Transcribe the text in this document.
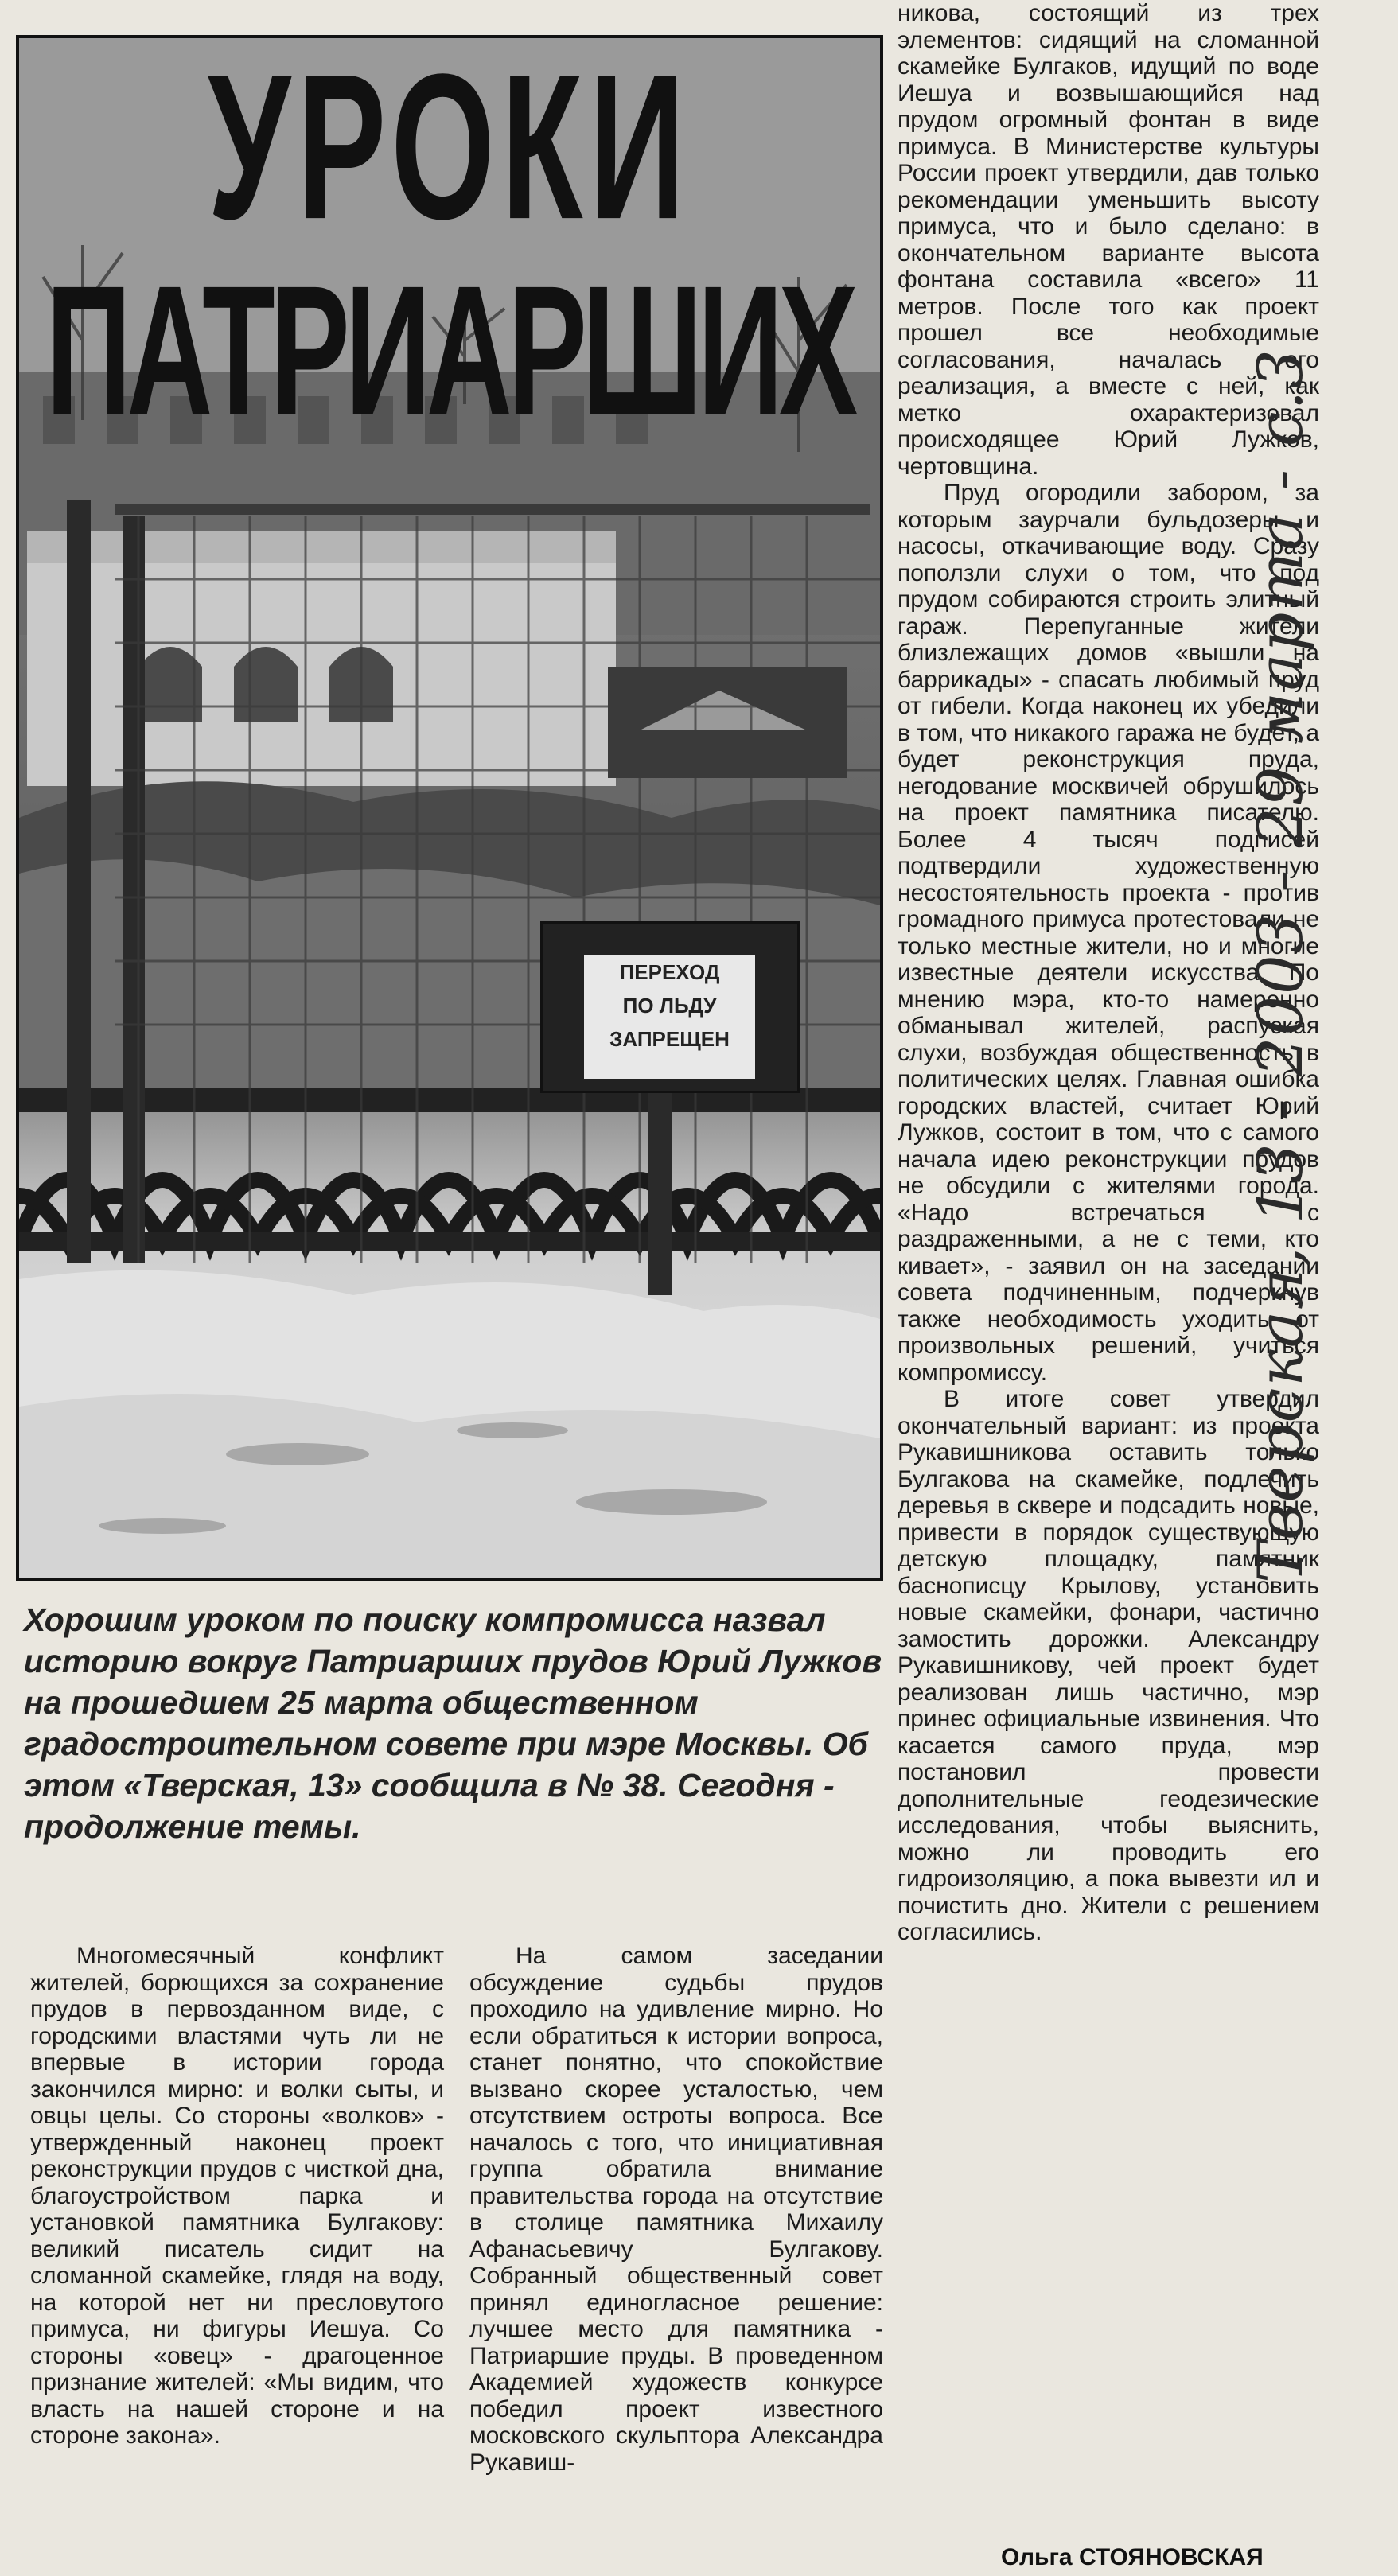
ПЕРЕХОД
ПО ЛЬДУ
ЗАПРЕЩЕН
УРОКИ
ПАТРИАРШИХ
Хорошим уроком по поиску компромисса назвал историю вокруг Патриарших прудов Юрий Лужков на прошедшем 25 марта общественном градостроительном совете при мэре Москвы. Об этом «Тверская, 13» сообщила в № 38. Сегодня - продолжение темы.

Многомесячный конфликт жителей, борющихся за сохранение прудов в первозданном виде, с городскими властями чуть ли не впервые в истории города закончился мирно: и волки сыты, и овцы целы. Со стороны «волков» - утвержденный наконец проект реконструкции прудов с чисткой дна, благоустройством парка и установкой памятника Булгакову: великий писатель сидит на сломанной скамейке, глядя на воду, на которой нет ни пресловутого примуса, ни фигуры Иешуа. Со стороны «овец» - драгоценное признание жителей: «Мы видим, что власть на нашей стороне и на стороне закона».

На самом заседании обсуждение судьбы прудов проходило на удивление мирно. Но если обратиться к истории вопроса, станет понятно, что спокойствие вызвано скорее усталостью, чем отсутствием остроты вопроса. Все началось с того, что инициативная группа обратила внимание правительства города на отсутствие в столице памятника Михаилу Афанасьевичу Булгакову. Собранный общественный совет принял единогласное решение: лучшее место для памятника - Патриаршие пруды. В проведенном Академией художеств конкурсе победил проект известного московского скульптора Александра Рукавиш-

никова, состоящий из трех элементов: сидящий на сломанной скамейке Булгаков, идущий по воде Иешуа и возвышающийся над прудом огромный фонтан в виде примуса. В Министерстве культуры России проект утвердили, дав только рекомендации уменьшить высоту примуса, что и было сделано: в окончательном варианте высота фонтана составила «всего» 11 метров. После того как проект прошел все необходимые согласования, началась его реализация, а вместе с ней, как метко охарактеризовал происходящее Юрий Лужков, чертовщина.

Пруд огородили забором, за которым заурчали бульдозеры и насосы, откачивающие воду. Сразу поползли слухи о том, что под прудом собираются строить элитный гараж. Перепуганные жители близлежащих домов «вышли на баррикады» - спасать любимый пруд от гибели. Когда наконец их убедили в том, что никакого гаража не будет, а будет реконструкция пруда, негодование москвичей обрушилось на проект памятника писателю. Более 4 тысяч подписей подтвердили художественную несостоятельность проекта - против громадного примуса протестовали не только местные жители, но и многие известные деятели искусства. По мнению мэра, кто-то намеренно обманывал жителей, распуская слухи, возбуждая общественность в политических целях. Главная ошибка городских властей, считает Юрий Лужков, состоит в том, что с самого начала идею реконструкции прудов не обсудили с жителями города. «Надо встречаться с раздраженными, а не с теми, кто кивает», - заявил он на заседании совета подчиненным, подчеркнув также необходимость уходить от произвольных решений, учиться компромиссу.

В итоге совет утвердил окончательный вариант: из проекта Рукавишникова оставить только Булгакова на скамейке, подлечить деревья в сквере и подсадить новые, привести в порядок существующую детскую площадку, памятник баснописцу Крылову, установить новые скамейки, фонари, частично замостить дорожки. Александру Рукавишникову, чей проект будет реализован лишь частично, мэр принес официальные извинения. Что касается самого пруда, мэр постановил провести дополнительные геодезические исследования, чтобы выяснить, можно ли проводить его гидроизоляцию, а пока вывезти ил и почистить дно. Жители с решением согласились.

Ольга СТОЯНОВСКАЯ
Тверская, 13 - 2003 - 29 марта - с.3
